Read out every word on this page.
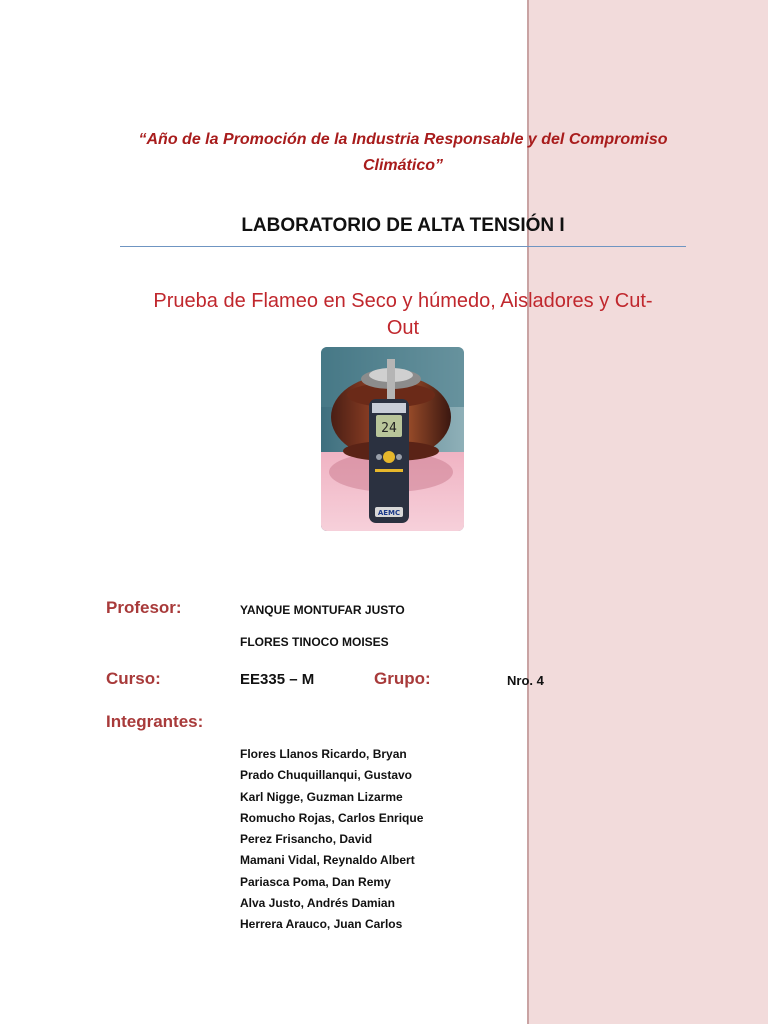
“Año de la Promoción de la Industria Responsable y del Compromiso
Climático”
LABORATORIO DE ALTA TENSIÓN I
Prueba de Flameo en Seco y húmedo, Aisladores y Cut-
Out
24
AEMC
Profesor:	YANQUE MONTUFAR JUSTO
FLORES TINOCO MOISES
Curso:	EE335 – M	Grupo:	Nro. 4
Integrantes:
Flores Llanos Ricardo, Bryan
Prado Chuquillanqui, Gustavo
Karl Nigge, Guzman Lizarme
Romucho Rojas, Carlos Enrique
Perez Frisancho, David
Mamani Vidal, Reynaldo Albert
Pariasca Poma, Dan Remy
Alva Justo, Andrés Damian
Herrera Arauco, Juan Carlos
